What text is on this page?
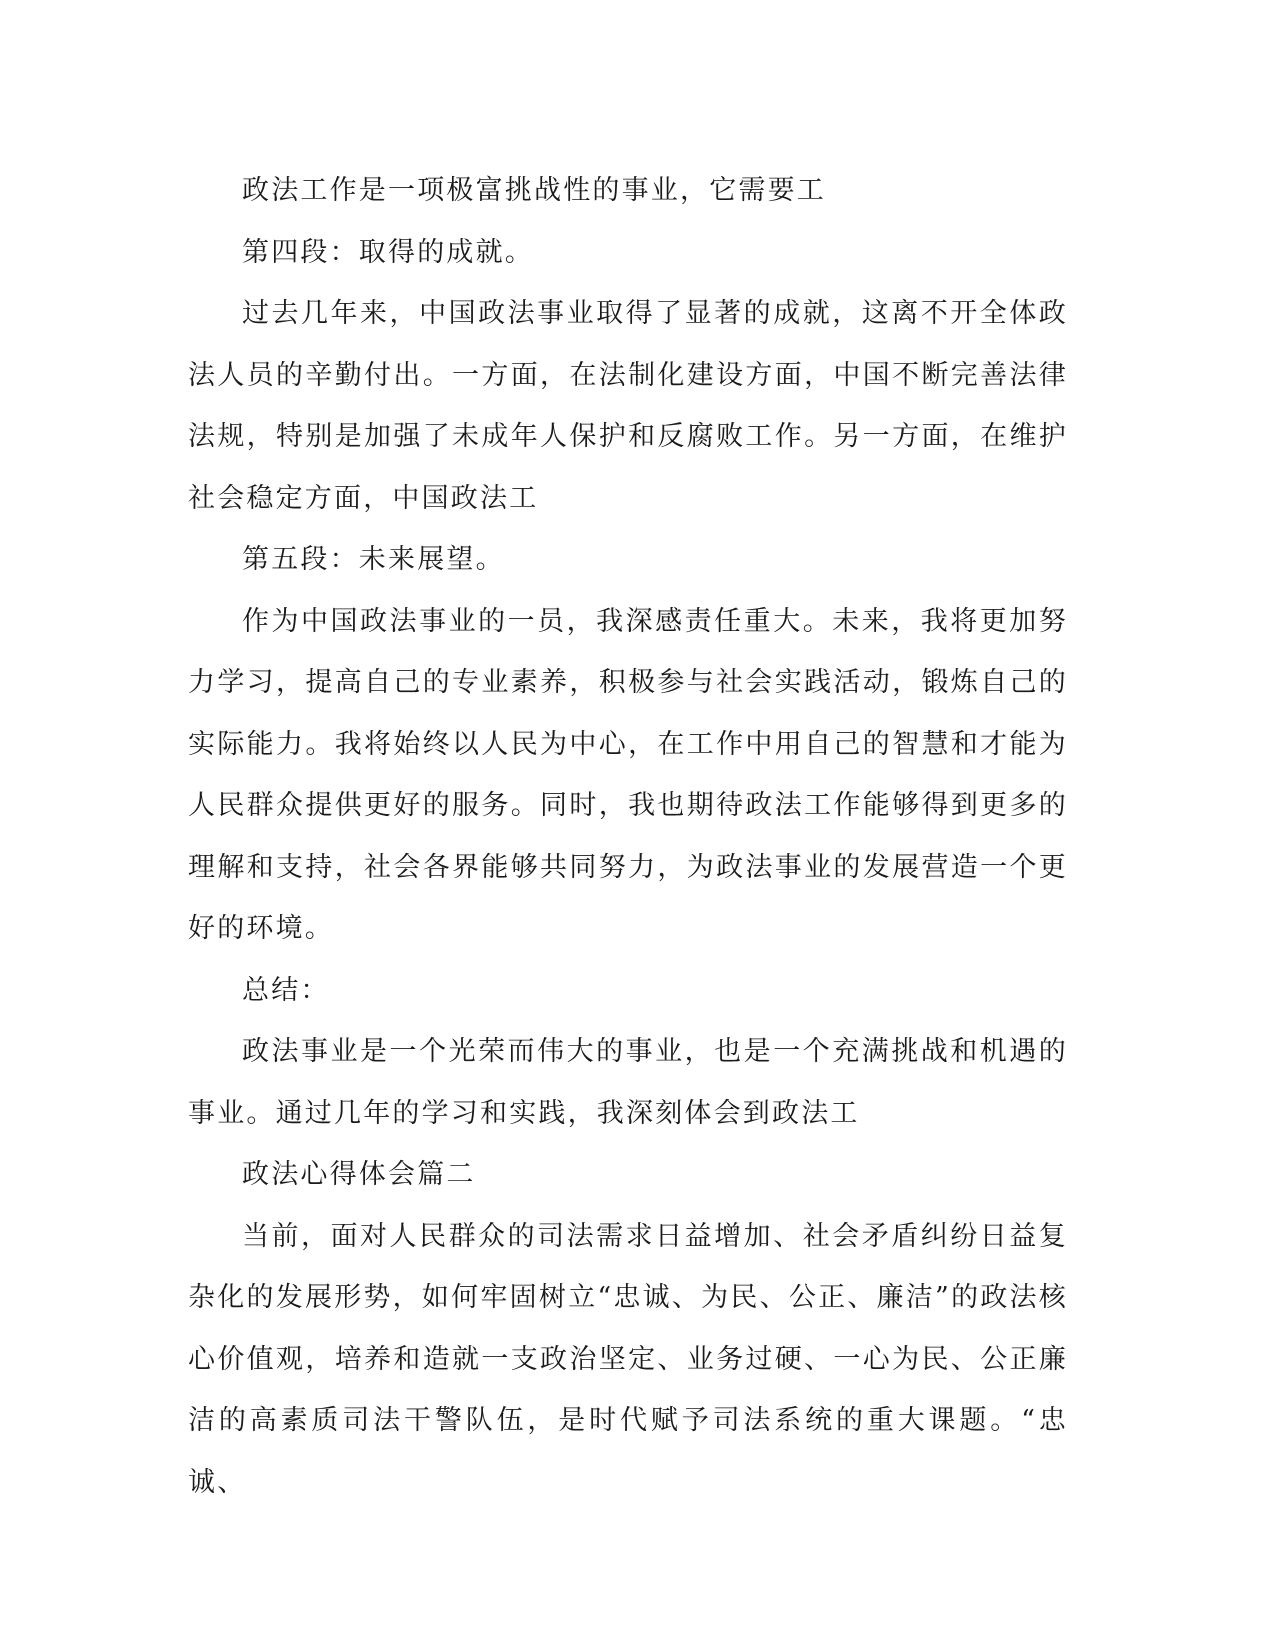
政法工作是一项极富挑战性的事业，它需要工

第四段：取得的成就。

过去几年来，中国政法事业取得了显著的成就，这离不开全体政法人员的辛勤付出。一方面，在法制化建设方面，中国不断完善法律法规，特别是加强了未成年人保护和反腐败工作。另一方面，在维护社会稳定方面，中国政法工

第五段：未来展望。

作为中国政法事业的一员，我深感责任重大。未来，我将更加努力学习，提高自己的专业素养，积极参与社会实践活动，锻炼自己的实际能力。我将始终以人民为中心，在工作中用自己的智慧和才能为人民群众提供更好的服务。同时，我也期待政法工作能够得到更多的理解和支持，社会各界能够共同努力，为政法事业的发展营造一个更好的环境。

总结：

政法事业是一个光荣而伟大的事业，也是一个充满挑战和机遇的事业。通过几年的学习和实践，我深刻体会到政法工

政法心得体会篇二

当前，面对人民群众的司法需求日益增加、社会矛盾纠纷日益复杂化的发展形势，如何牢固树立“忠诚、为民、公正、廉洁”的政法核心价值观，培养和造就一支政治坚定、业务过硬、一心为民、公正廉洁的高素质司法干警队伍，是时代赋予司法系统的重大课题。“忠诚、
